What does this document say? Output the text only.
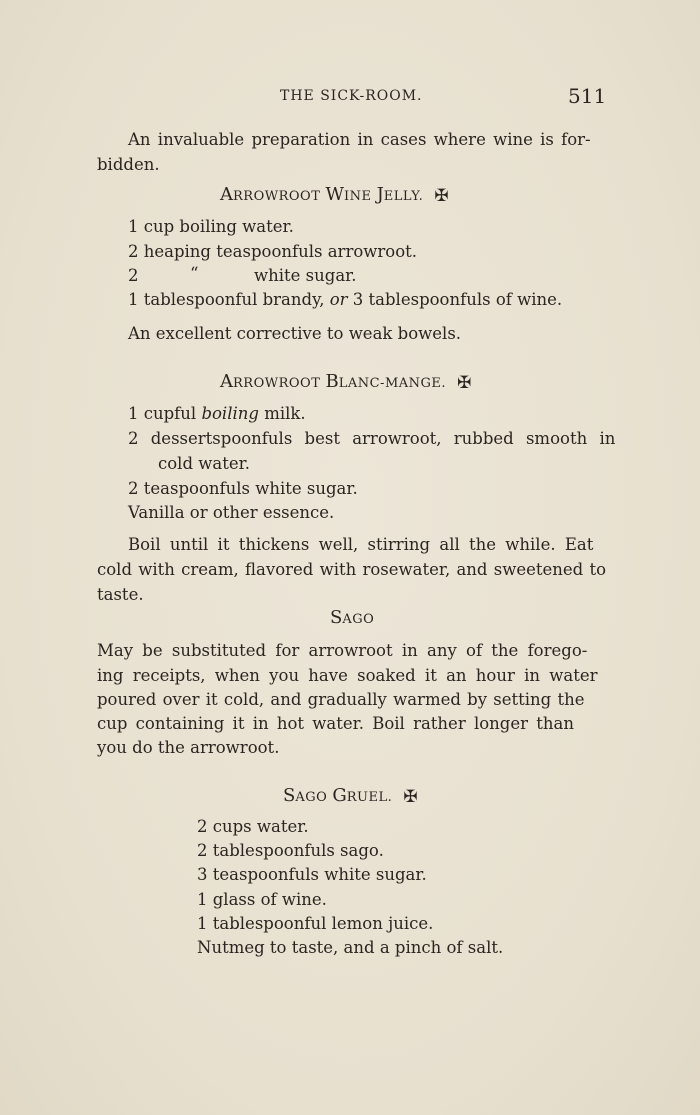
THE SICK-ROOM.	511
An invaluable preparation in cases where wine is for-
bidden.
ARROWROOT WINE JELLY. ✠
1 cup boiling water.
2 heaping teaspoonfuls arrowroot.
2	“	white sugar.
1 tablespoonful brandy, or 3 tablespoonfuls of wine.
An excellent corrective to weak bowels.
ARROWROOT BLANC-MANGE. ✠
1 cupful boiling milk.
2 dessertspoonfuls best arrowroot, rubbed smooth in
cold water.
2 teaspoonfuls white sugar.
Vanilla or other essence.
Boil until it thickens well, stirring all the while. Eat
cold with cream, flavored with rosewater, and sweetened to
taste.
SAGO
May be substituted for arrowroot in any of the forego-
ing receipts, when you have soaked it an hour in water
poured over it cold, and gradually warmed by setting the
cup containing it in hot water. Boil rather longer than
you do the arrowroot.
SAGO GRUEL. ✠
2 cups water.
2 tablespoonfuls sago.
3 teaspoonfuls white sugar.
1 glass of wine.
1 tablespoonful lemon juice.
Nutmeg to taste, and a pinch of salt.
